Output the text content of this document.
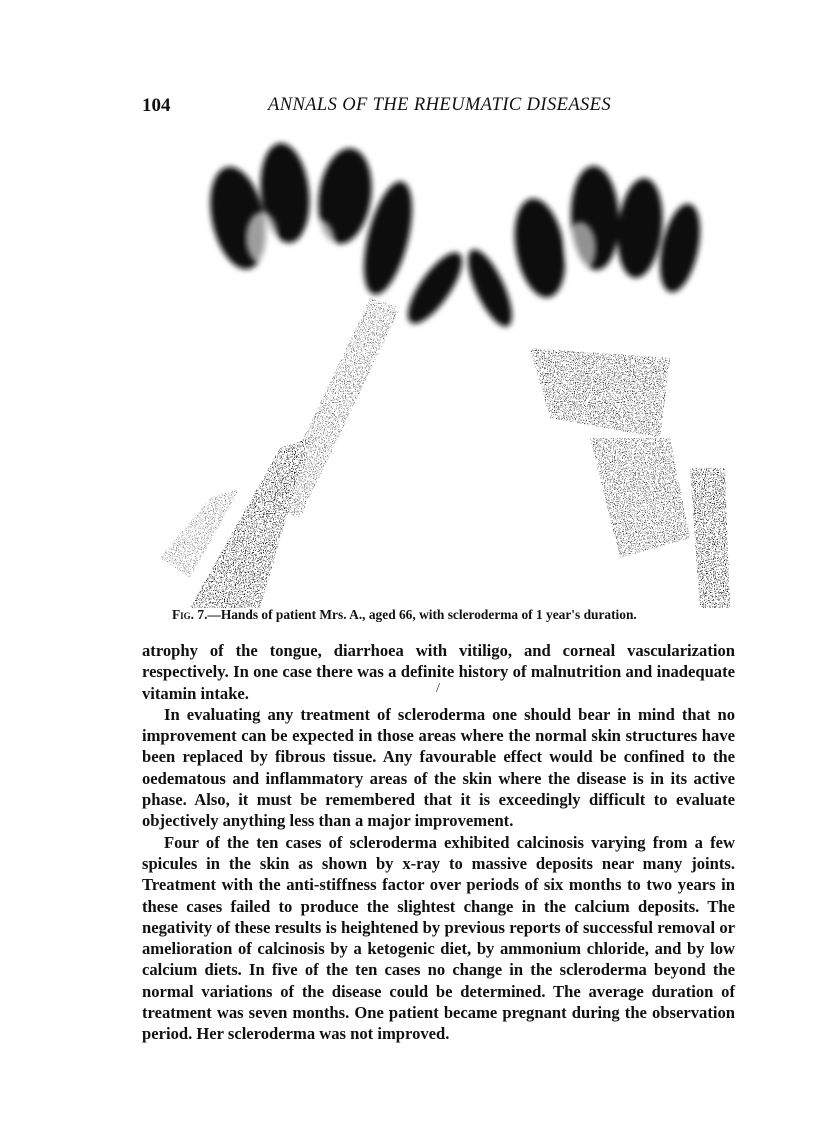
104	ANNALS OF THE RHEUMATIC DISEASES
Fig. 7.—Hands of patient Mrs. A., aged 66, with scleroderma of 1 year's duration.

atrophy of the tongue, diarrhoea with vitiligo, and corneal vascularization respectively. In one case there was a definite history of malnutrition and inadequate vitamin intake.

In evaluating any treatment of scleroderma one should bear in mind that no improvement can be expected in those areas where the normal skin structures have been replaced by fibrous tissue. Any favourable effect would be confined to the oedematous and inflammatory areas of the skin where the disease is in its active phase. Also, it must be remembered that it is exceedingly difficult to evaluate objectively anything less than a major improvement.

Four of the ten cases of scleroderma exhibited calcinosis varying from a few spicules in the skin as shown by x-ray to massive deposits near many joints. Treatment with the anti-stiffness factor over periods of six months to two years in these cases failed to produce the slightest change in the calcium deposits. The negativity of these results is heightened by previous reports of successful removal or amelioration of calcinosis by a ketogenic diet, by ammonium chloride, and by low calcium diets. In five of the ten cases no change in the scleroderma beyond the normal variations of the disease could be determined. The average duration of treatment was seven months. One patient became pregnant during the observation period. Her scleroderma was not improved.

/
